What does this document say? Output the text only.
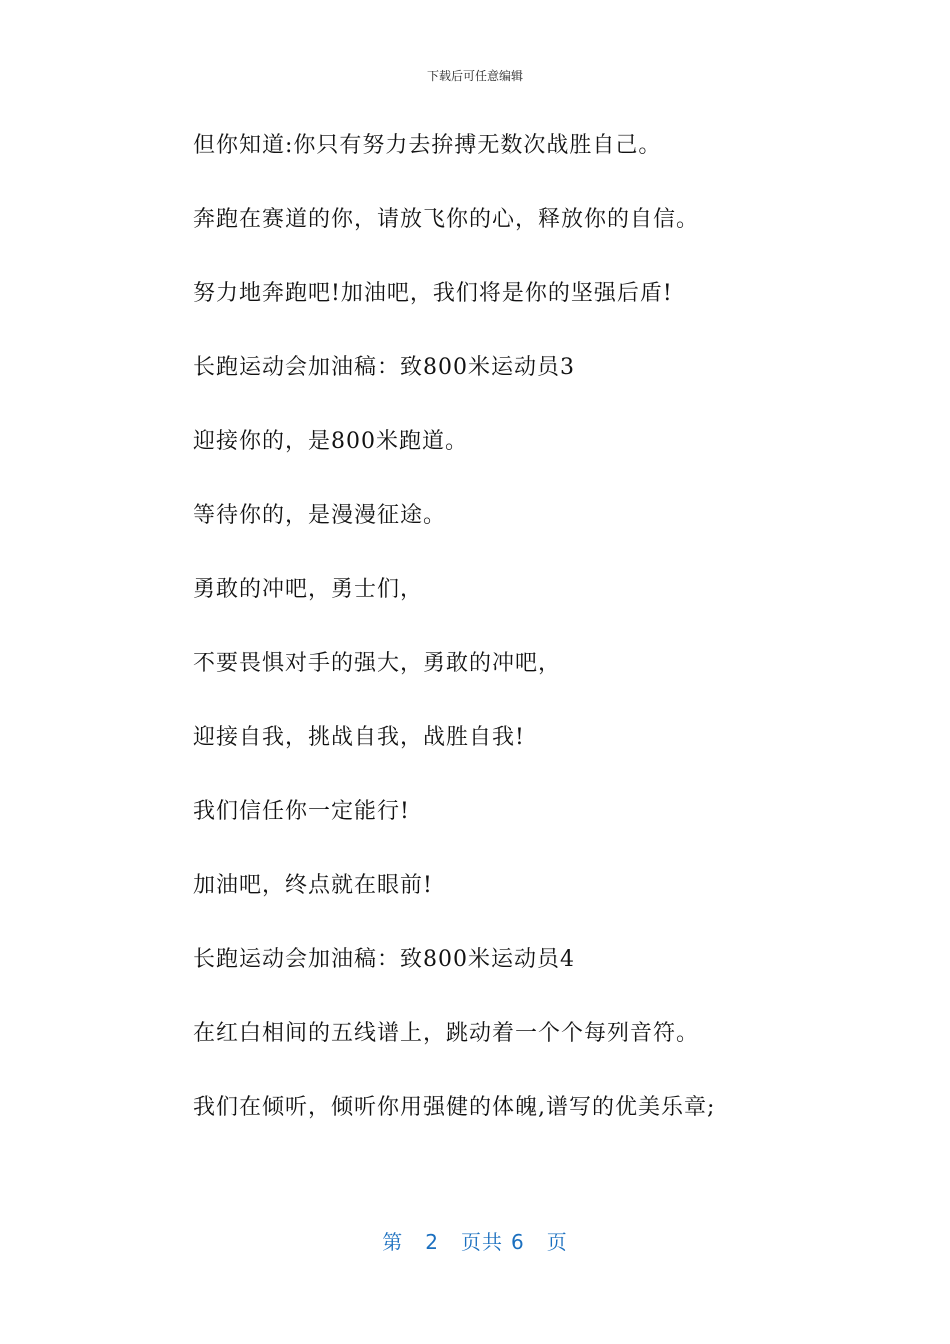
下载后可任意编辑
但你知道:你只有努力去拚搏无数次战胜自己。
奔跑在赛道的你，请放飞你的心，释放你的自信。
努力地奔跑吧!加油吧，我们将是你的坚强后盾!
长跑运动会加油稿：致800米运动员3
迎接你的，是800米跑道。
等待你的，是漫漫征途。
勇敢的冲吧，勇士们，
不要畏惧对手的强大，勇敢的冲吧，
迎接自我，挑战自我，战胜自我!
我们信任你一定能行!
加油吧，终点就在眼前!
长跑运动会加油稿：致800米运动员4
在红白相间的五线谱上，跳动着一个个每列音符。
我们在倾听，倾听你用强健的体魄,谱写的优美乐章;
第 2 页共 6 页
